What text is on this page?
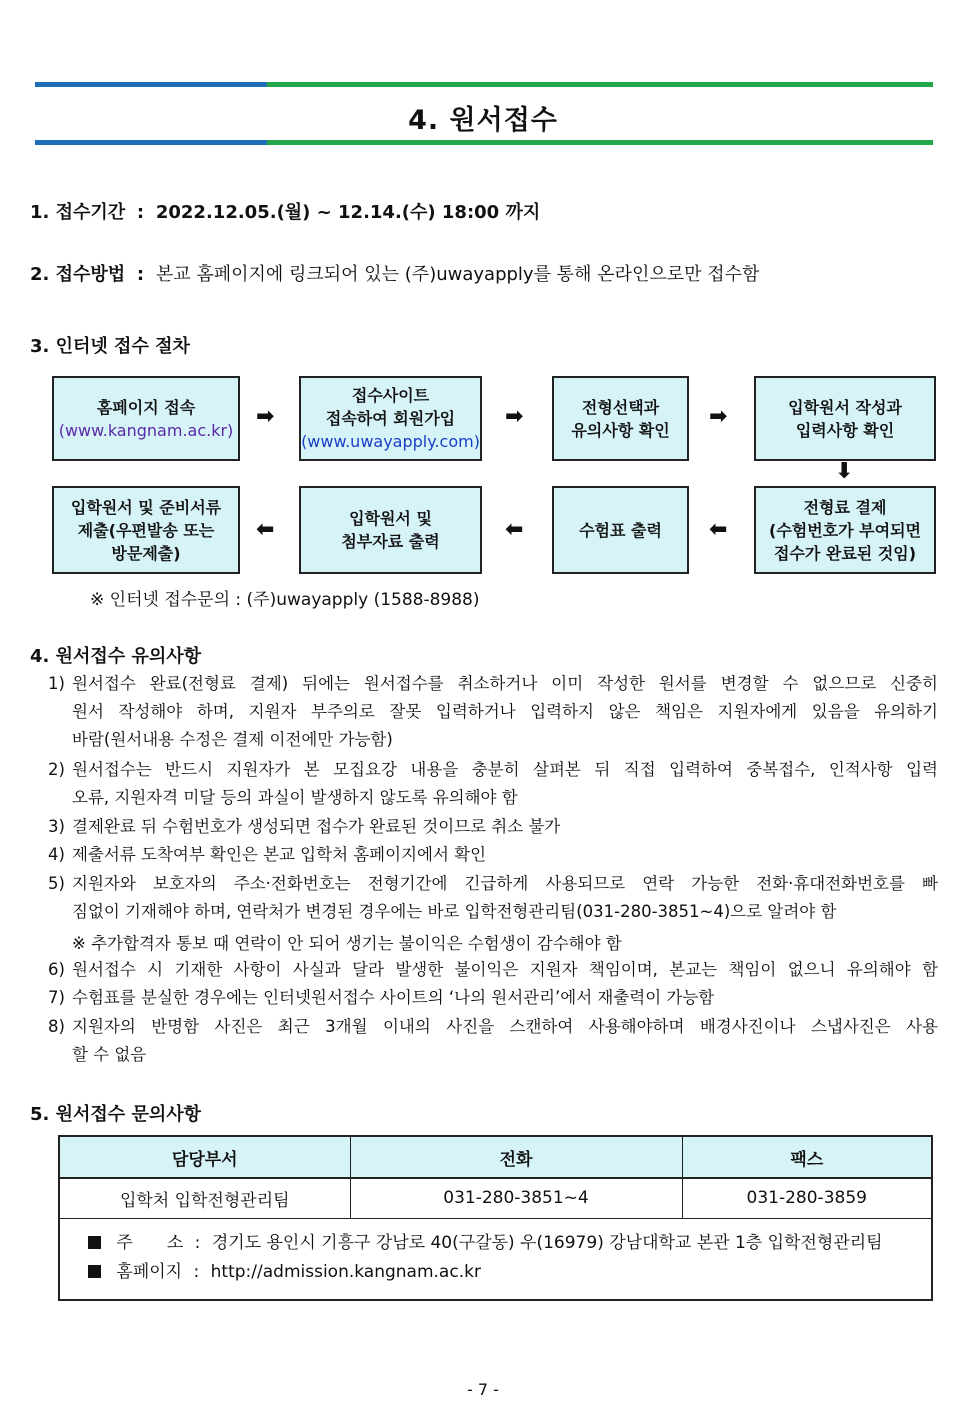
4. 원서접수
1. 접수기간 : 2022.12.05.(월) ~ 12.14.(수) 18:00 까지
2. 접수방법 : 본교 홈페이지에 링크되어 있는 (주)uwayapply를 통해 온라인으로만 접수함
3. 인터넷 접수 절차
홈페이지 접속
(www.kangnam.ac.kr)
➡
접수사이트
접속하여 회원가입
(www.uwayapply.com)
➡	전형선택과
유의사항 확인
➡	입학원서 작성과
입력사항 확인
⬇
전형료 결제
(수험번호가 부여되면
접수가 완료된 것임)
⬅
수험표 출력
⬅
입학원서 및
첨부자료 출력
⬅
입학원서 및 준비서류
제출(우편발송 또는
방문제출)
※ 인터넷 접수문의 : (주)uwayapply (1588-8988)
4. 원서접수 유의사항
1) 원서접수 완료(전형료 결제) 뒤에는 원서접수를 취소하거나 이미 작성한 원서를 변경할 수 없으므로 신중히
원서 작성해야 하며, 지원자 부주의로 잘못 입력하거나 입력하지 않은 책임은 지원자에게 있음을 유의하기
바람(원서내용 수정은 결제 이전에만 가능함)
2) 원서접수는 반드시 지원자가 본 모집요강 내용을 충분히 살펴본 뒤 직접 입력하여 중복접수, 인적사항 입력
오류, 지원자격 미달 등의 과실이 발생하지 않도록 유의해야 함
3) 결제완료 뒤 수험번호가 생성되면 접수가 완료된 것이므로 취소 불가
4) 제출서류 도착여부 확인은 본교 입학처 홈페이지에서 확인
5) 지원자와 보호자의 주소·전화번호는 전형기간에 긴급하게 사용되므로 연락 가능한 전화·휴대전화번호를 빠
짐없이 기재해야 하며, 연락처가 변경된 경우에는 바로 입학전형관리팀(031-280-3851~4)으로 알려야 함
※ 추가합격자 통보 때 연락이 안 되어 생기는 불이익은 수험생이 감수해야 함
6) 원서접수 시 기재한 사항이 사실과 달라 발생한 불이익은 지원자 책임이며, 본교는 책임이 없으니 유의해야 함
7) 수험표를 분실한 경우에는 인터넷원서접수 사이트의 ‘나의 원서관리’에서 재출력이 가능함
8) 지원자의 반명함 사진은 최근 3개월 이내의 사진을 스캔하여 사용해야하며 배경사진이나 스냅사진은 사용
할 수 없음
5. 원서접수 문의사항
담당부서	전화	팩스
입학처 입학전형관리팀	031-280-3851~4	031-280-3859

주　　소 : 경기도 용인시 기흥구 강남로 40(구갈동) 우(16979) 강남대학교 본관 1층 입학전형관리팀
홈페이지 : http://admission.kangnam.ac.kr		
- 7 -
